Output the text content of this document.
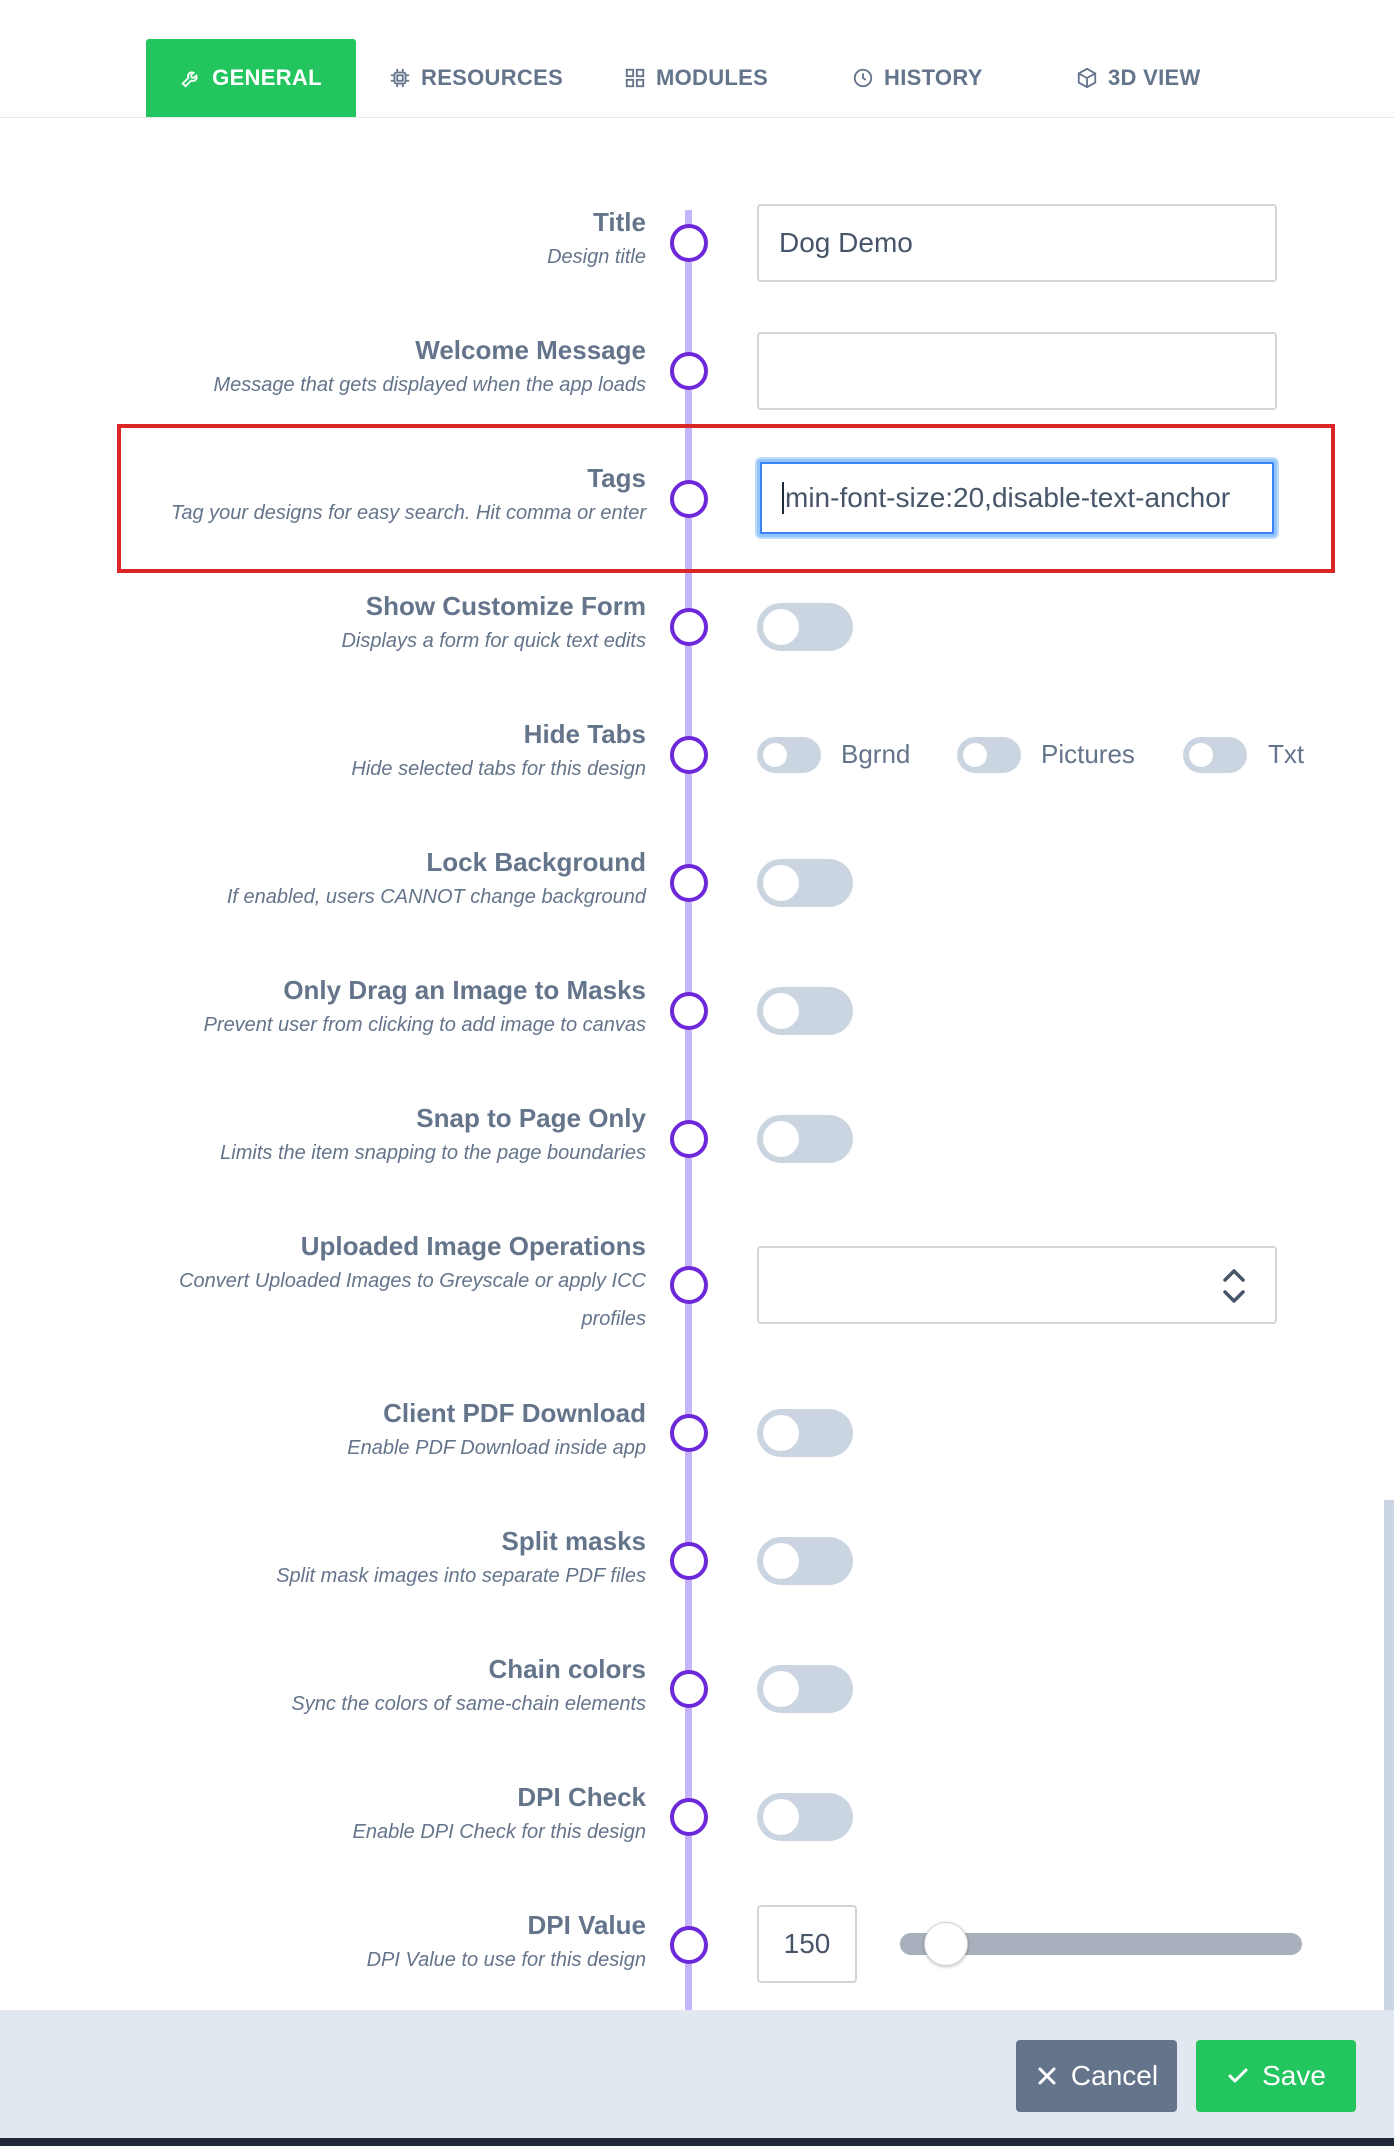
GENERAL	RESOURCES	MODULES	HISTORY	3D VIEW
Title
Design title	Dog Demo
Welcome Message
Message that gets displayed when the app loads
Tags
Tag your designs for easy search. Hit comma or enter	min-font-size:20,disable-text-anchor
Show Customize Form
Displays a form for quick text edits
Hide Tabs
Hide selected tabs for this design	Bgrnd	Pictures	Txt
Lock Background
If enabled, users CANNOT change background
Only Drag an Image to Masks
Prevent user from clicking to add image to canvas
Snap to Page Only
Limits the item snapping to the page boundaries
Uploaded Image Operations
Convert Uploaded Images to Greyscale or apply ICC
profiles
Client PDF Download
Enable PDF Download inside app
Split masks
Split mask images into separate PDF files
Chain colors
Sync the colors of same-chain elements
DPI Check
Enable DPI Check for this design
DPI Value
DPI Value to use for this design
150
Cancel	Save
